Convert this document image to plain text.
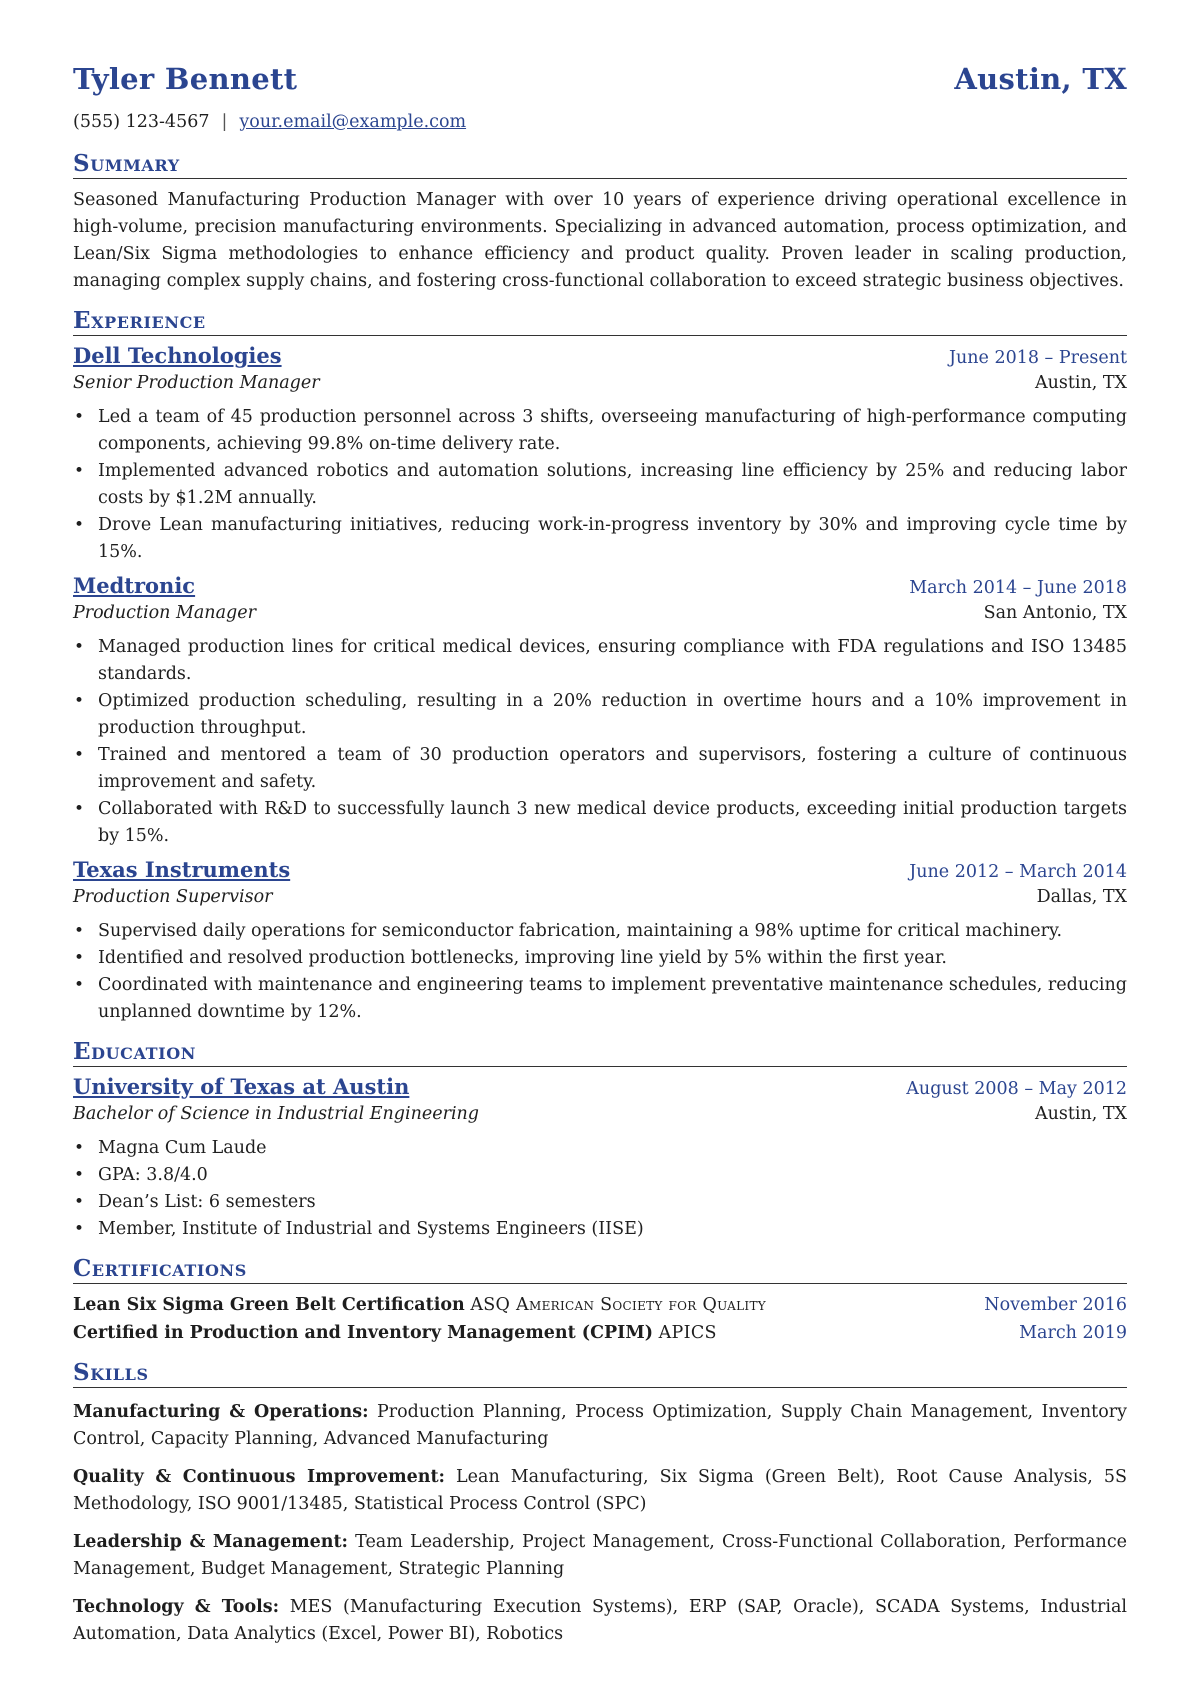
Tyler Bennett	Austin, TX
(555) 123-4567 | your.email@example.com
Summary
Seasoned Manufacturing Production Manager with over 10 years of experience driving operational excellence in high-volume, precision manufacturing environments. Specializing in advanced automation, process optimization, and Lean/Six Sigma methodologies to enhance efficiency and product quality. Proven leader in scaling production, managing complex supply chains, and fostering cross-functional collaboration to exceed strategic business objectives.
Experience
Dell Technologies	June 2018 – Present
Senior Production Manager	Austin, TX
• Led a team of 45 production personnel across 3 shifts, overseeing manufacturing of high-performance computing components, achieving 99.8% on-time delivery rate.
• Implemented advanced robotics and automation solutions, increasing line efficiency by 25% and reducing labor costs by $1.2M annually.
• Drove Lean manufacturing initiatives, reducing work-in-progress inventory by 30% and improving cycle time by 15%.
Medtronic	March 2014 – June 2018
Production Manager	San Antonio, TX
• Managed production lines for critical medical devices, ensuring compliance with FDA regulations and ISO 13485 standards.
• Optimized production scheduling, resulting in a 20% reduction in overtime hours and a 10% improvement in production throughput.
• Trained and mentored a team of 30 production operators and supervisors, fostering a culture of continuous improvement and safety.
• Collaborated with R&D to successfully launch 3 new medical device products, exceeding initial production targets by 15%.
Texas Instruments	June 2012 – March 2014
Production Supervisor	Dallas, TX
• Supervised daily operations for semiconductor fabrication, maintaining a 98% uptime for critical machinery.
• Identified and resolved production bottlenecks, improving line yield by 5% within the first year.
• Coordinated with maintenance and engineering teams to implement preventative maintenance schedules, reducing unplanned downtime by 12%.
Education
University of Texas at Austin	August 2008 – May 2012
Bachelor of Science in Industrial Engineering	Austin, TX
• Magna Cum Laude
• GPA: 3.8/4.0
• Dean’s List: 6 semesters
• Member, Institute of Industrial and Systems Engineers (IISE)
Certifications
Lean Six Sigma Green Belt Certification ASQ American Society for Quality	November 2016
Certified in Production and Inventory Management (CPIM) APICS	March 2019
Skills
Manufacturing & Operations: Production Planning, Process Optimization, Supply Chain Management, Inventory Control, Capacity Planning, Advanced Manufacturing
Quality & Continuous Improvement: Lean Manufacturing, Six Sigma (Green Belt), Root Cause Analysis, 5S Methodology, ISO 9001/13485, Statistical Process Control (SPC)
Leadership & Management: Team Leadership, Project Management, Cross-Functional Collaboration, Performance Management, Budget Management, Strategic Planning
Technology & Tools: MES (Manufacturing Execution Systems), ERP (SAP, Oracle), SCADA Systems, Industrial Automation, Data Analytics (Excel, Power BI), Robotics
